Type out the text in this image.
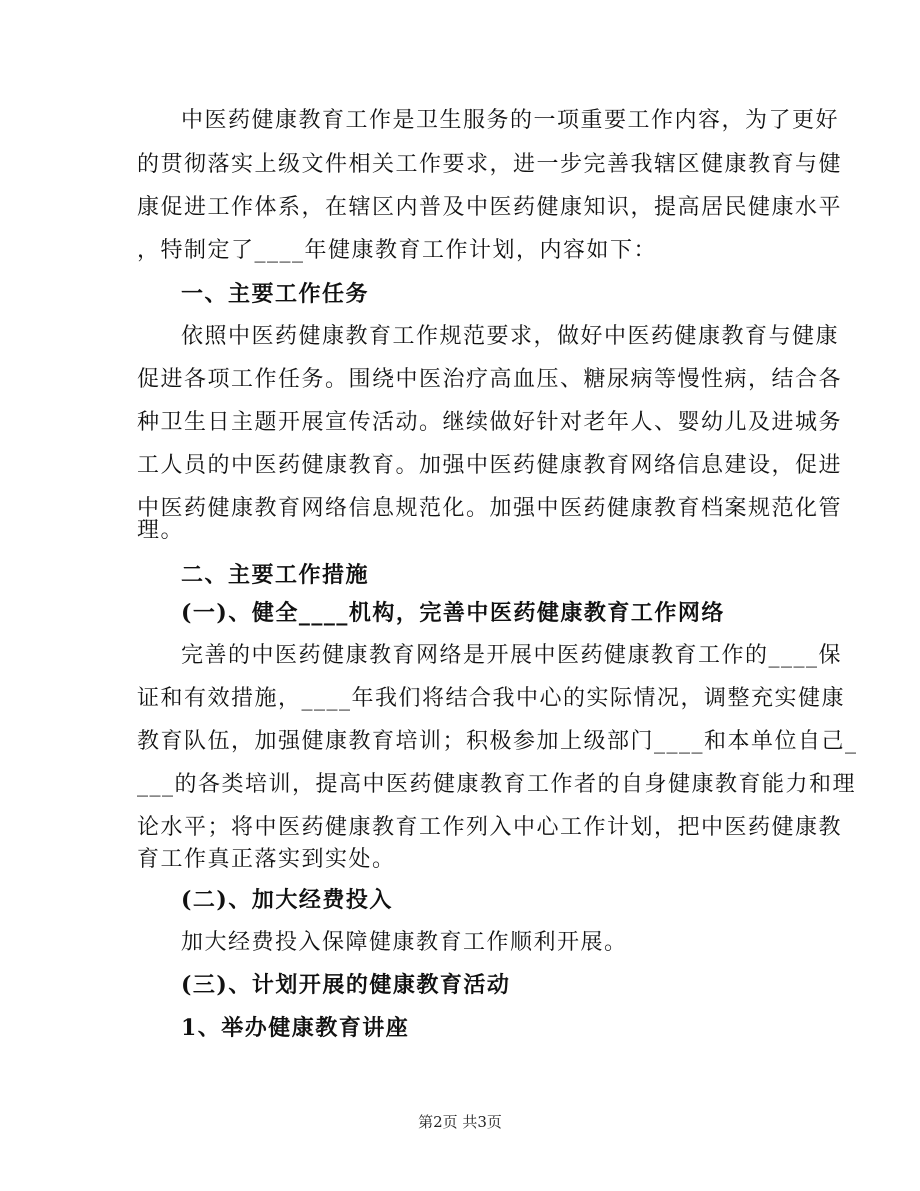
中医药健康教育工作是卫生服务的一项重要工作内容，为了更好
的贯彻落实上级文件相关工作要求，进一步完善我辖区健康教育与健
康促进工作体系，在辖区内普及中医药健康知识，提高居民健康水平
，特制定了____年健康教育工作计划，内容如下：
一、主要工作任务
依照中医药健康教育工作规范要求，做好中医药健康教育与健康
促进各项工作任务。围绕中医治疗高血压、糖尿病等慢性病，结合各
种卫生日主题开展宣传活动。继续做好针对老年人、婴幼儿及进城务
工人员的中医药健康教育。加强中医药健康教育网络信息建设，促进
中医药健康教育网络信息规范化。加强中医药健康教育档案规范化管
理。
二、主要工作措施
(一)、健全____机构，完善中医药健康教育工作网络
完善的中医药健康教育网络是开展中医药健康教育工作的____保
证和有效措施，____年我们将结合我中心的实际情况，调整充实健康
教育队伍，加强健康教育培训；积极参加上级部门____和本单位自己_
___的各类培训，提高中医药健康教育工作者的自身健康教育能力和理
论水平；将中医药健康教育工作列入中心工作计划，把中医药健康教
育工作真正落实到实处。
(二)、加大经费投入
加大经费投入保障健康教育工作顺利开展。
(三)、计划开展的健康教育活动
1、举办健康教育讲座
第2页 共3页
